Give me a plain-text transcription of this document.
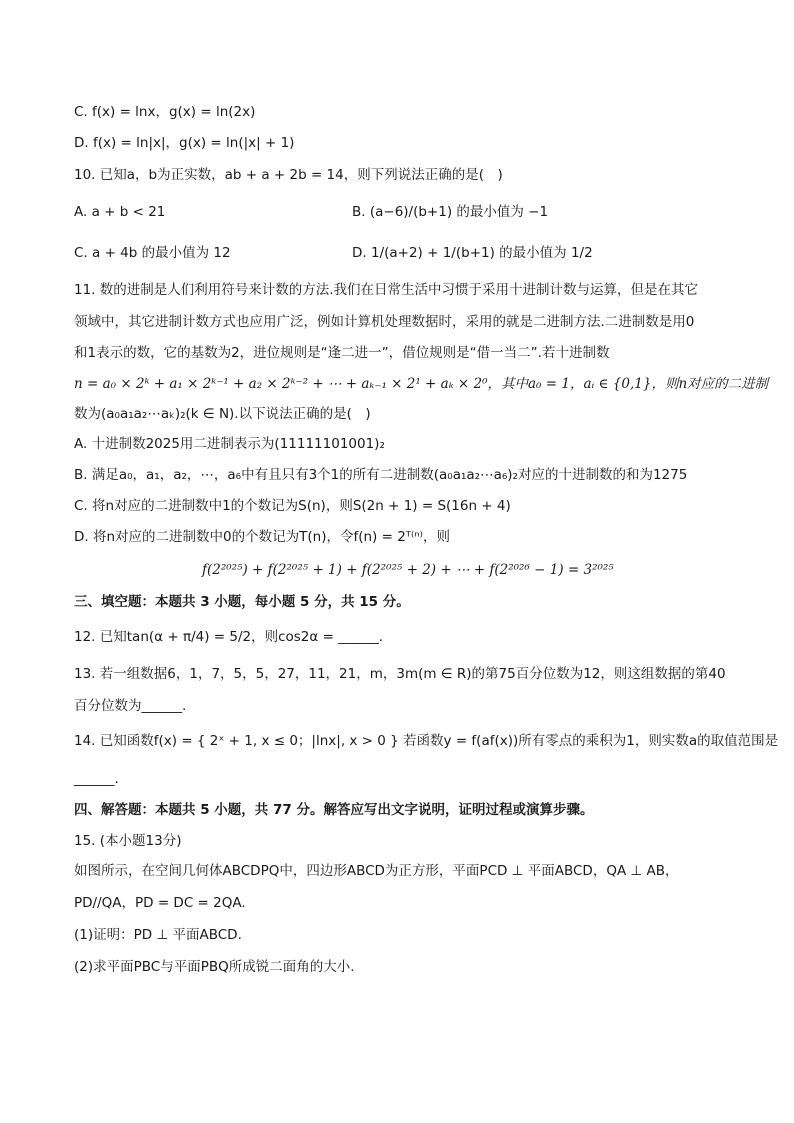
C. f(x) = lnx，g(x) = ln(2x)
D. f(x) = ln|x|，g(x) = ln(|x| + 1)
10. 已知a，b为正实数，ab + a + 2b = 14，则下列说法正确的是(　)
A. a + b < 21	B. (a−6)/(b+1) 的最小值为 −1
C. a + 4b 的最小值为 12	D. 1/(a+2) + 1/(b+1) 的最小值为 1/2
11. 数的进制是人们利用符号来计数的方法.我们在日常生活中习惯于采用十进制计数与运算，但是在其它
领域中，其它进制计数方式也应用广泛，例如计算机处理数据时，采用的就是二进制方法.二进制数是用0
和1表示的数，它的基数为2，进位规则是“逢二进一”，借位规则是“借一当二”.若十进制数
n = a₀ × 2ᵏ + a₁ × 2ᵏ⁻¹ + a₂ × 2ᵏ⁻² + ⋯ + aₖ₋₁ × 2¹ + aₖ × 2⁰，其中a₀ = 1，aᵢ ∈ {0,1}，则n对应的二进制
数为(a₀a₁a₂⋯aₖ)₂(k ∈ N).以下说法正确的是(　)
A. 十进制数2025用二进制表示为(11111101001)₂
B. 满足a₀，a₁，a₂，⋯，a₆中有且只有3个1的所有二进制数(a₀a₁a₂⋯a₆)₂对应的十进制数的和为1275
C. 将n对应的二进制数中1的个数记为S(n)，则S(2n + 1) = S(16n + 4)
D. 将n对应的二进制数中0的个数记为T(n)，令f(n) = 2ᵀ⁽ⁿ⁾，则
f(2²⁰²⁵) + f(2²⁰²⁵ + 1) + f(2²⁰²⁵ + 2) + ⋯ + f(2²⁰²⁶ − 1) = 3²⁰²⁵
三、填空题：本题共 3 小题，每小题 5 分，共 15 分。
12. 已知tan(α + π/4) = 5/2，则cos2α = ______.
13. 若一组数据6，1，7，5，5，27，11，21，m，3m(m ∈ R)的第75百分位数为12，则这组数据的第40
百分位数为______.
14. 已知函数f(x) = { 2ˣ + 1, x ≤ 0；|lnx|, x > 0 } 若函数y = f(af(x))所有零点的乘积为1，则实数a的取值范围是
______.
四、解答题：本题共 5 小题，共 77 分。解答应写出文字说明，证明过程或演算步骤。
15. (本小题13分)
如图所示，在空间几何体ABCDPQ中，四边形ABCD为正方形，平面PCD ⊥ 平面ABCD，QA ⊥ AB，
PD//QA，PD = DC = 2QA.
(1)证明：PD ⊥ 平面ABCD.
(2)求平面PBC与平面PBQ所成锐二面角的大小.
